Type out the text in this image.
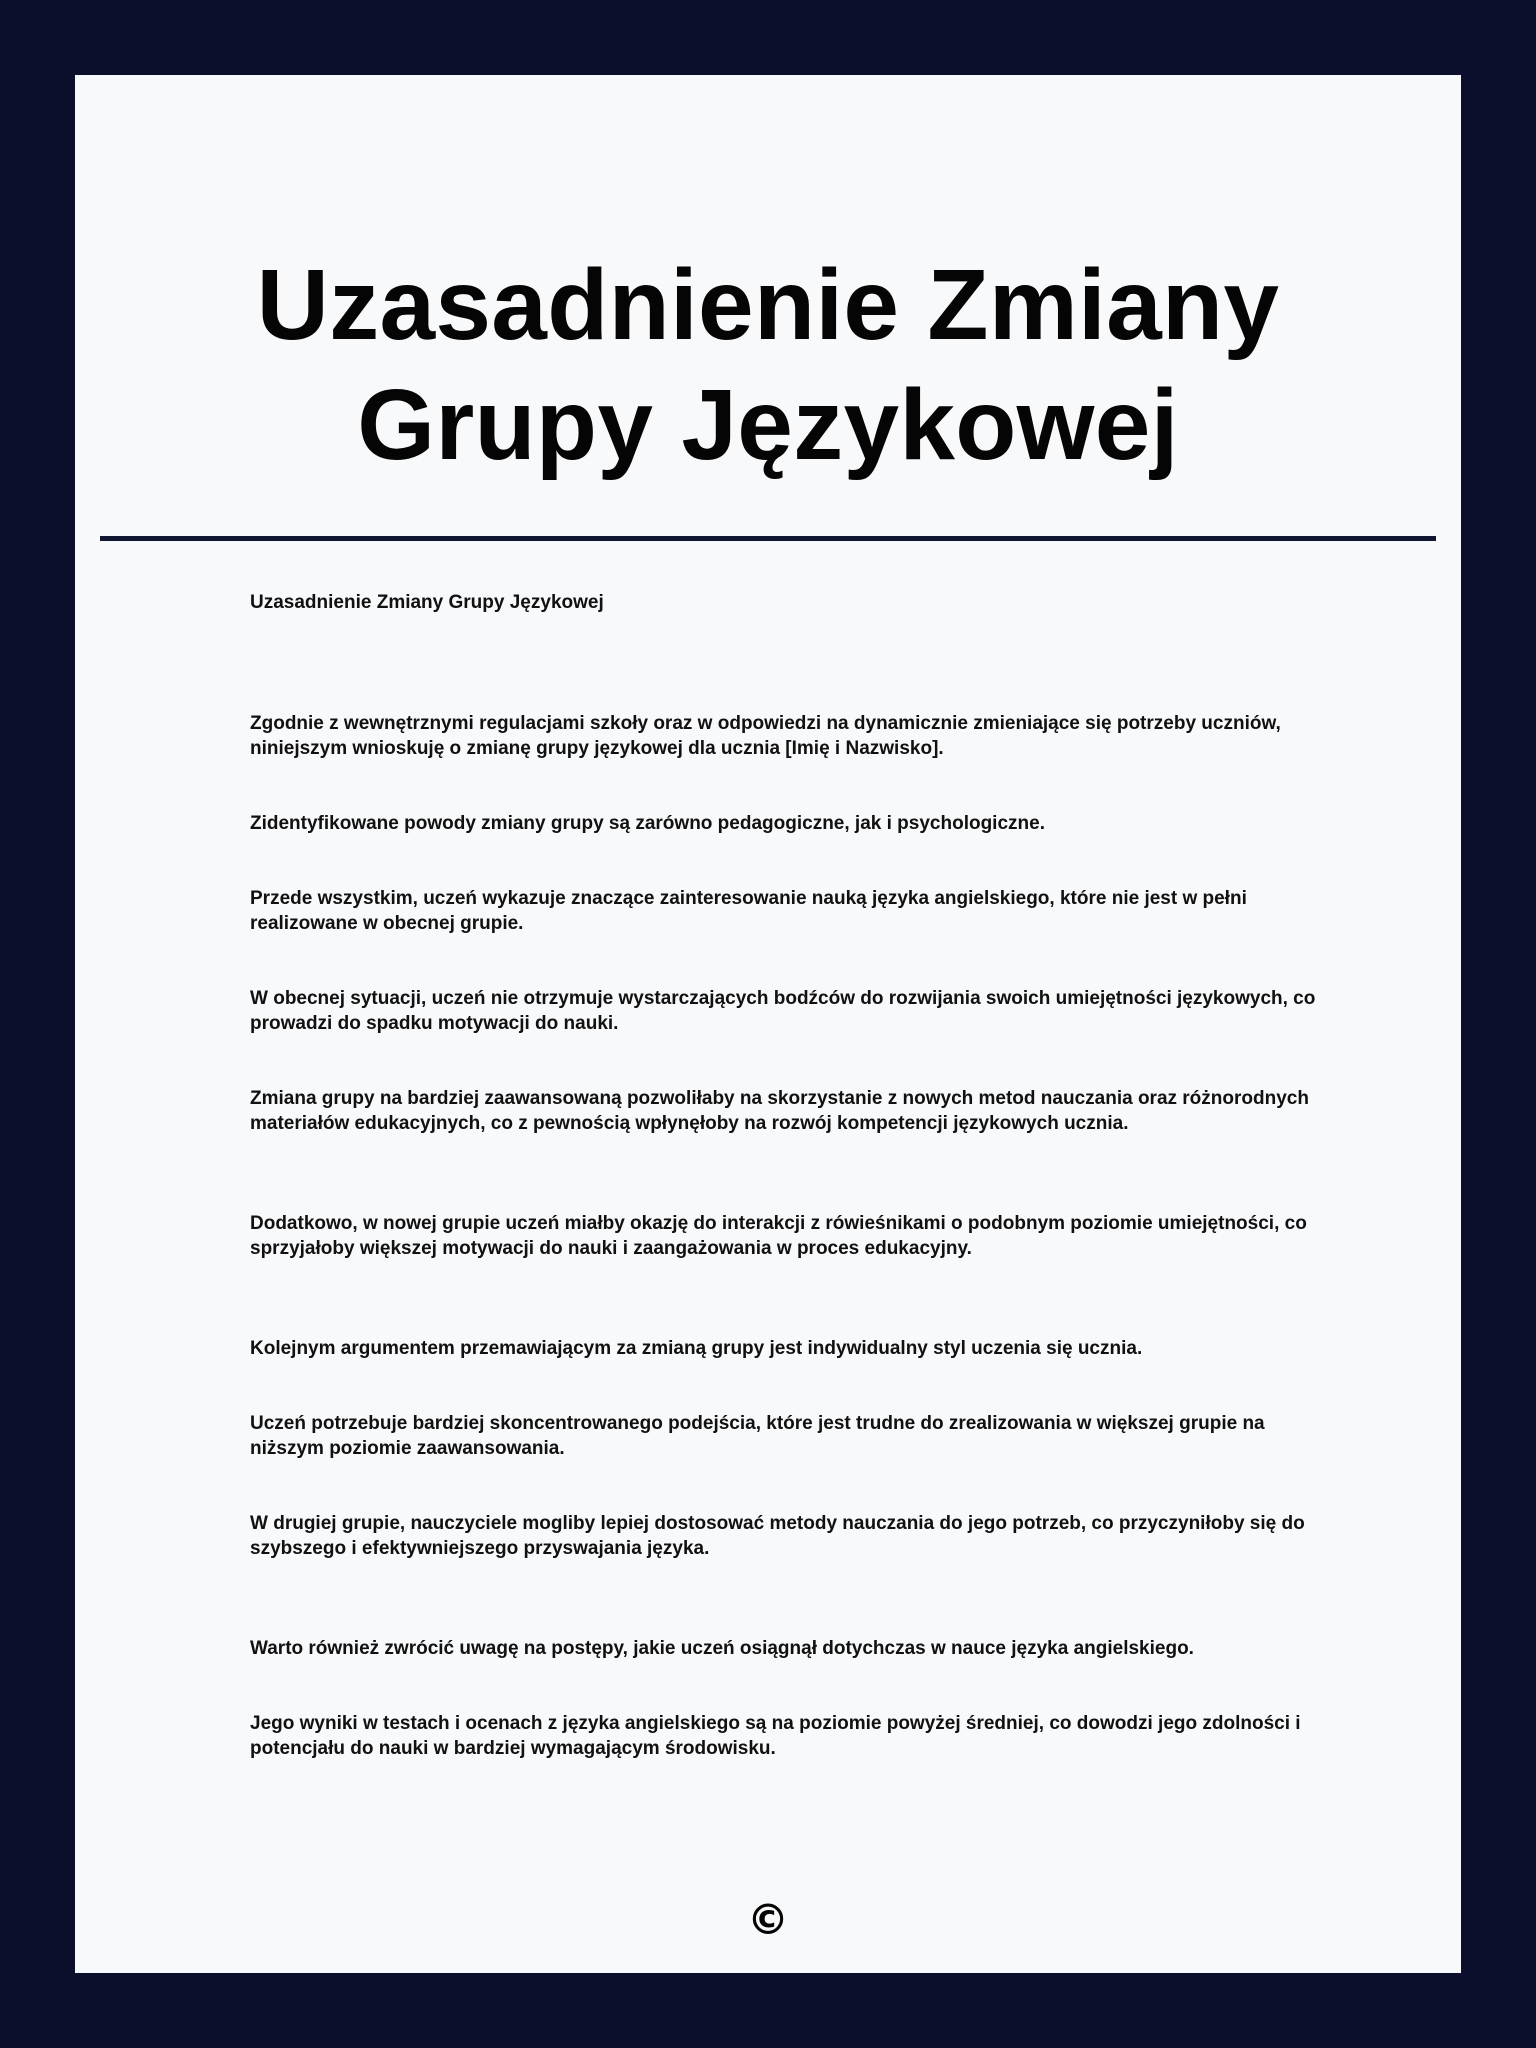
Uzasadnienie Zmiany Grupy Językowej

Uzasadnienie Zmiany Grupy Językowej

Zgodnie z wewnętrznymi regulacjami szkoły oraz w odpowiedzi na dynamicznie zmieniające się potrzeby uczniów, niniejszym wnioskuję o zmianę grupy językowej dla ucznia [Imię i Nazwisko].

Zidentyfikowane powody zmiany grupy są zarówno pedagogiczne, jak i psychologiczne.

Przede wszystkim, uczeń wykazuje znaczące zainteresowanie nauką języka angielskiego, które nie jest w pełni realizowane w obecnej grupie.

W obecnej sytuacji, uczeń nie otrzymuje wystarczających bodźców do rozwijania swoich umiejętności językowych, co prowadzi do spadku motywacji do nauki.

Zmiana grupy na bardziej zaawansowaną pozwoliłaby na skorzystanie z nowych metod nauczania oraz różnorodnych materiałów edukacyjnych, co z pewnością wpłynęłoby na rozwój kompetencji językowych ucznia.

Dodatkowo, w nowej grupie uczeń miałby okazję do interakcji z rówieśnikami o podobnym poziomie umiejętności, co sprzyjałoby większej motywacji do nauki i zaangażowania w proces edukacyjny.

Kolejnym argumentem przemawiającym za zmianą grupy jest indywidualny styl uczenia się ucznia.

Uczeń potrzebuje bardziej skoncentrowanego podejścia, które jest trudne do zrealizowania w większej grupie na niższym poziomie zaawansowania.

W drugiej grupie, nauczyciele mogliby lepiej dostosować metody nauczania do jego potrzeb, co przyczyniłoby się do szybszego i efektywniejszego przyswajania języka.

Warto również zwrócić uwagę na postępy, jakie uczeń osiągnął dotychczas w nauce języka angielskiego.

Jego wyniki w testach i ocenach z języka angielskiego są na poziomie powyżej średniej, co dowodzi jego zdolności i potencjału do nauki w bardziej wymagającym środowisku.

©
